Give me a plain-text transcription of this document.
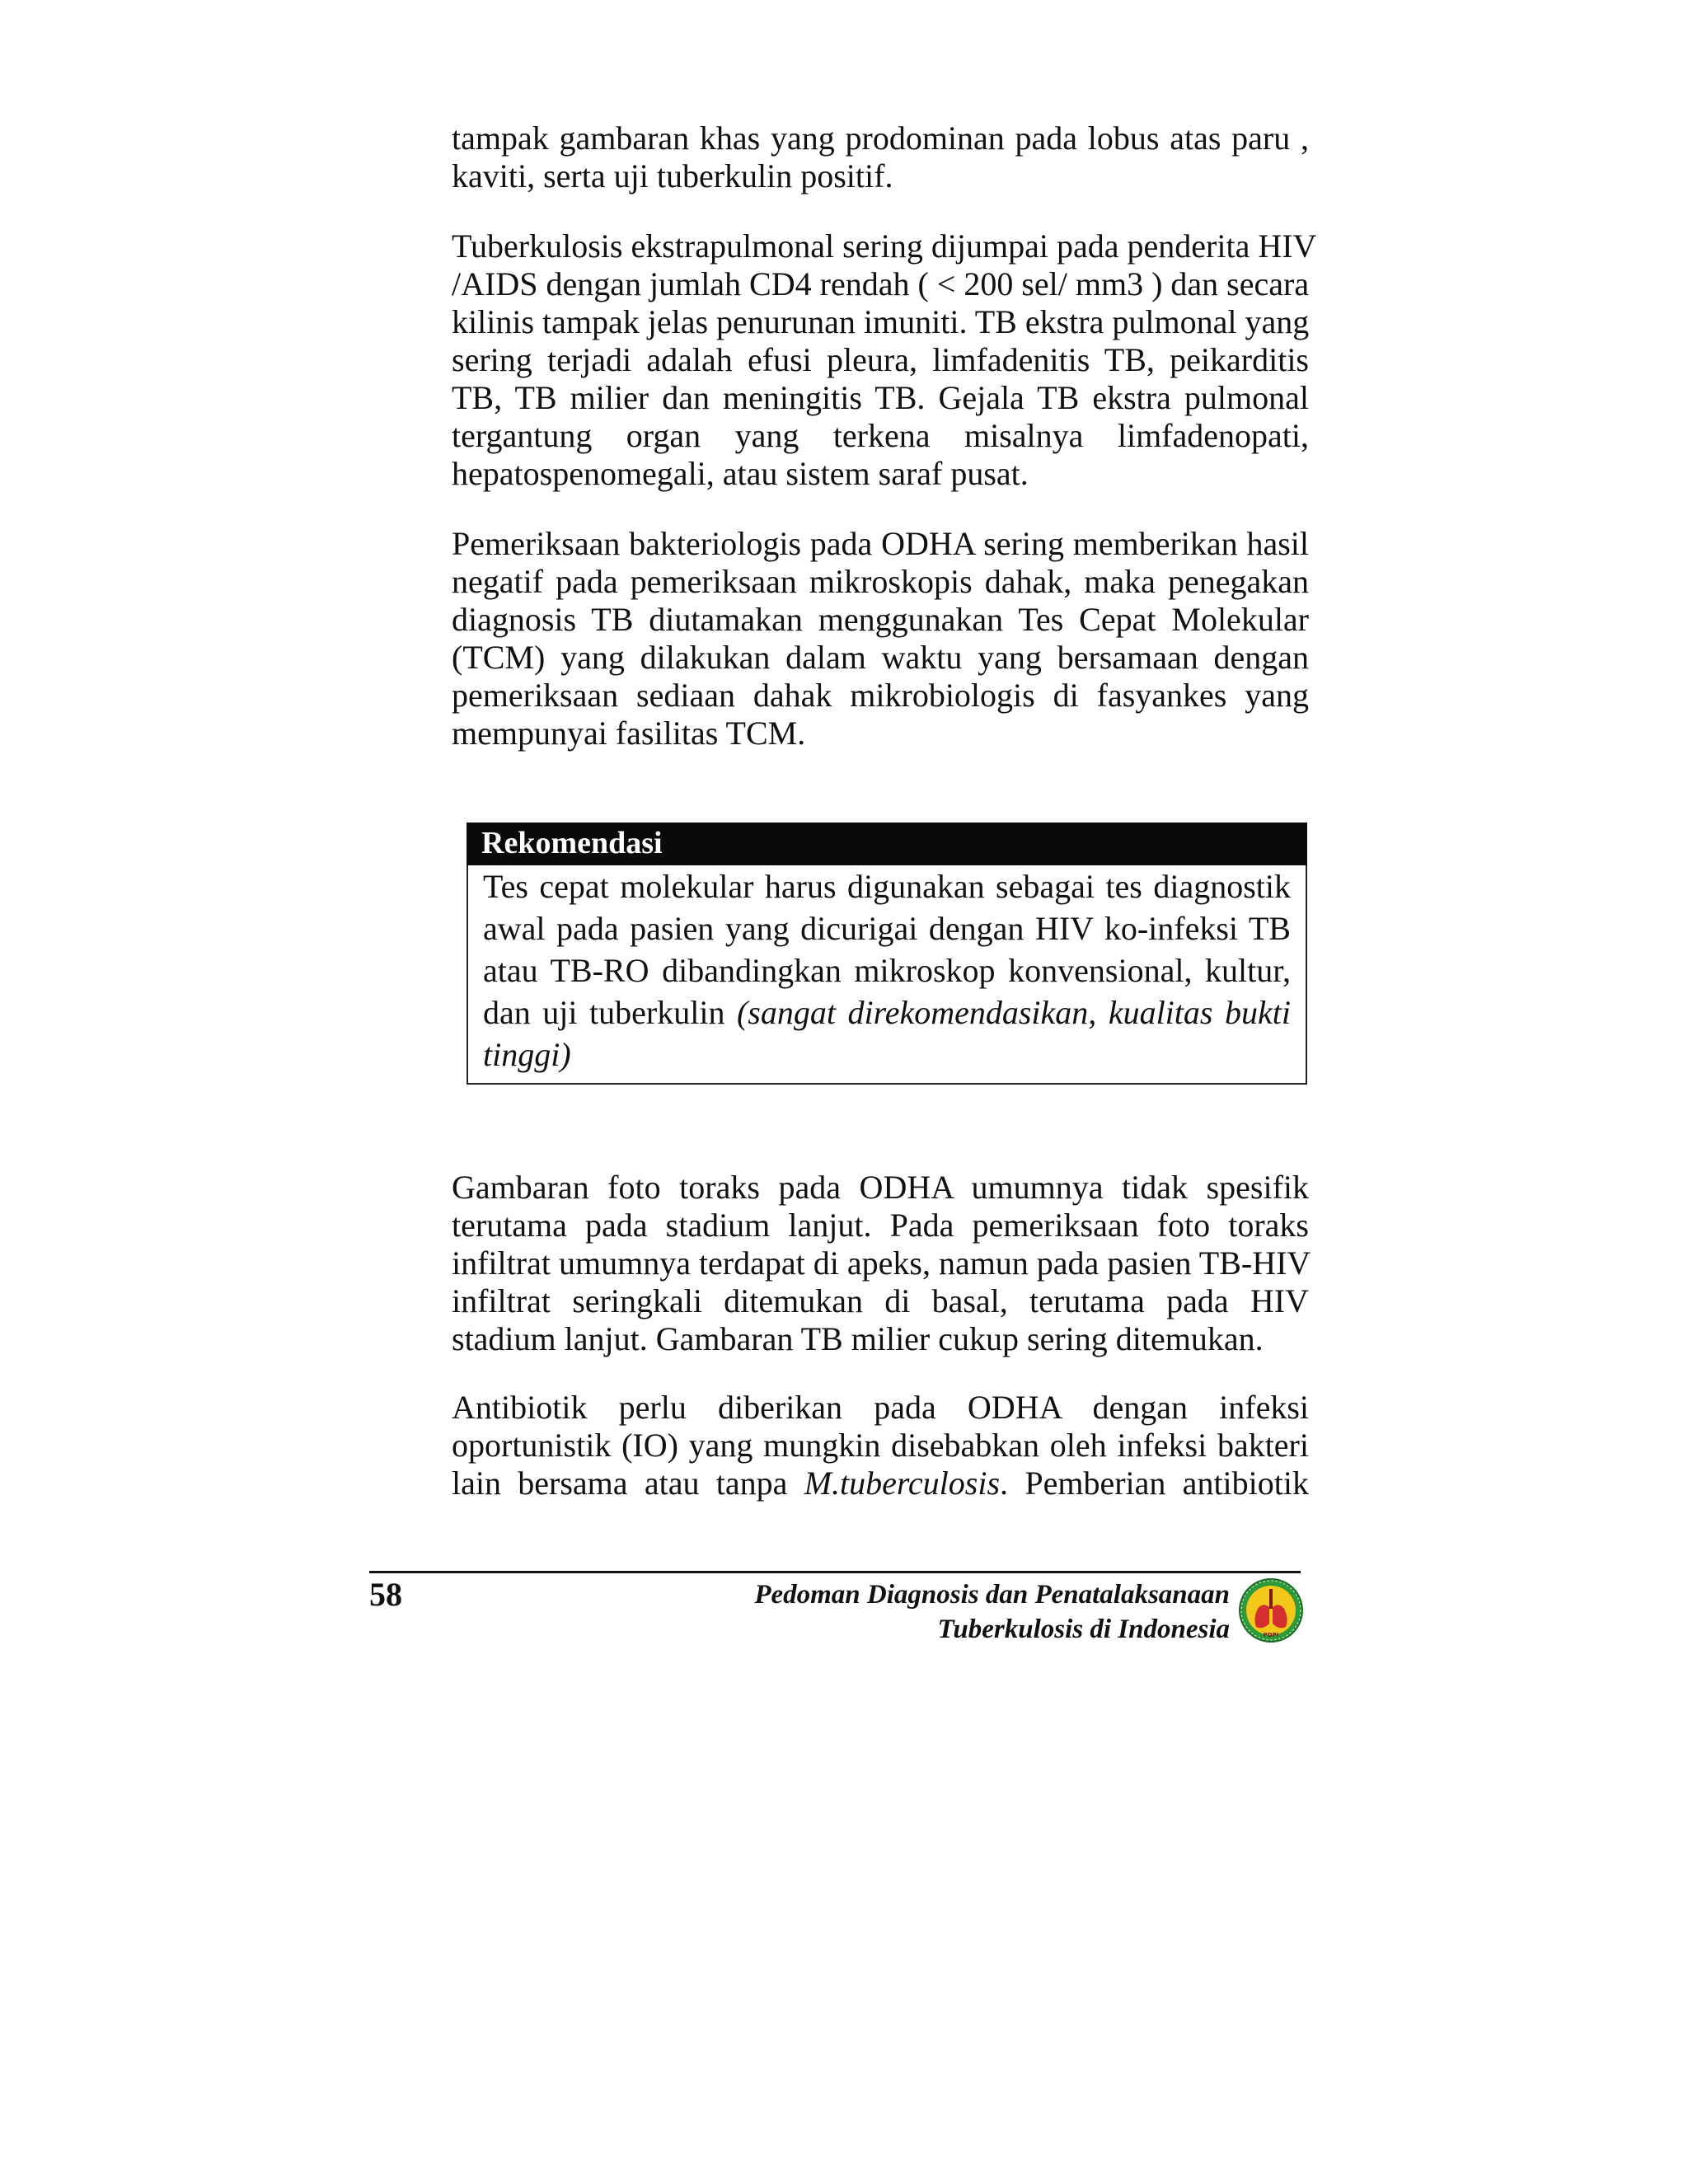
tampak gambaran khas yang prodominan pada lobus atas paru ,
kaviti, serta uji tuberkulin positif.
Tuberkulosis ekstrapulmonal sering dijumpai pada penderita HIV
/AIDS dengan jumlah CD4 rendah ( < 200 sel/ mm3 ) dan secara
kilinis tampak jelas penurunan imuniti. TB ekstra pulmonal yang
sering terjadi adalah efusi pleura, limfadenitis TB, peikarditis
TB, TB milier dan meningitis TB. Gejala TB ekstra pulmonal
tergantung organ yang terkena misalnya limfadenopati,
hepatospenomegali, atau sistem saraf pusat.
Pemeriksaan bakteriologis pada ODHA sering memberikan hasil
negatif pada pemeriksaan mikroskopis dahak, maka penegakan
diagnosis TB diutamakan menggunakan Tes Cepat Molekular
(TCM) yang dilakukan dalam waktu yang bersamaan dengan
pemeriksaan sediaan dahak mikrobiologis di fasyankes yang
mempunyai fasilitas TCM.
Rekomendasi
Tes cepat molekular harus digunakan sebagai tes diagnostik
awal pada pasien yang dicurigai dengan HIV ko-infeksi TB
atau TB-RO dibandingkan mikroskop konvensional, kultur,
dan uji tuberkulin (sangat direkomendasikan, kualitas bukti
tinggi)
Gambaran foto toraks pada ODHA umumnya tidak spesifik
terutama pada stadium lanjut. Pada pemeriksaan foto toraks
infiltrat umumnya terdapat di apeks, namun pada pasien TB-HIV
infiltrat seringkali ditemukan di basal, terutama pada HIV
stadium lanjut. Gambaran TB milier cukup sering ditemukan.
Antibiotik perlu diberikan pada ODHA dengan infeksi
oportunistik (IO) yang mungkin disebabkan oleh infeksi bakteri
lain bersama atau tanpa M.tuberculosis. Pemberian antibiotik
58	Pedoman Diagnosis dan Penatalaksanaan
Tuberkulosis di Indonesia	PDPI
